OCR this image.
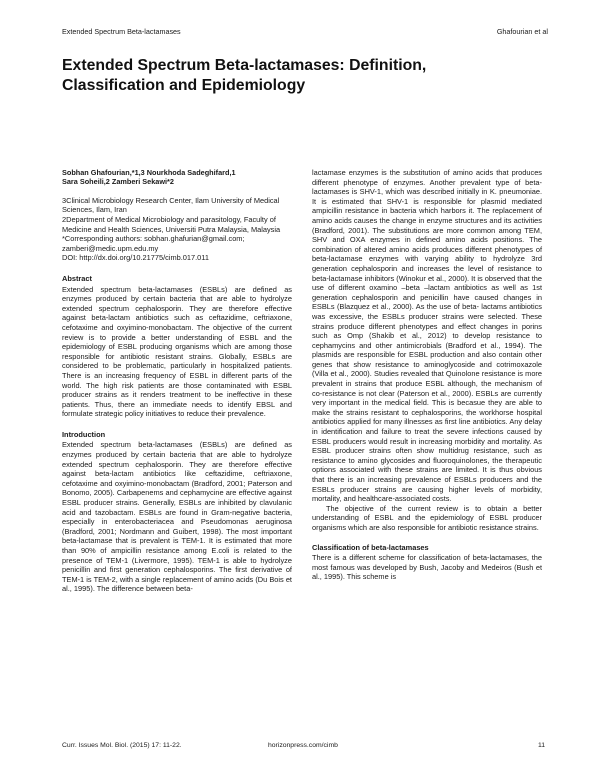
Extended Spectrum Beta-lactamases	Ghafourian et al
Extended Spectrum Beta-lactamases: Definition, Classification and Epidemiology
Sobhan Ghafourian,*1,3 Nourkhoda Sadeghifard,1
Sara Soheili,2 Zamberi Sekawi*2

3Clinical Microbiology Research Center, Ilam University of Medical Sciences, Ilam, Iran

2Department of Medical Microbiology and parasitology, Faculty of Medicine and Health Sciences, Universiti Putra Malaysia, Malaysia

*Corresponding authors: sobhan.ghafurian@gmail.com; zamberi@medic.upm.edu.my

DOI: http://dx.doi.org/10.21775/cimb.017.011

Abstract

Extended spectrum beta-lactamases (ESBLs) are defined as enzymes produced by certain bacteria that are able to hydrolyze extended spectrum cephalosporin. They are therefore effective against beta-lactam antibiotics such as ceftazidime, ceftriaxone, cefotaxime and oxyimino-monobactam. The objective of the current review is to provide a better understanding of ESBL and the epidemiology of ESBL producing organisms which are among those responsible for antibiotic resistant strains. Globally, ESBLs are considered to be problematic, particularly in hospitalized patients. There is an increasing frequency of ESBL in different parts of the world. The high risk patients are those contaminated with ESBL producer strains as it renders treatment to be ineffective in these patients. Thus, there an immediate needs to identify EBSL and formulate strategic policy initiatives to reduce their prevalence.

Introduction

Extended spectrum beta-lactamases (ESBLs) are defined as enzymes produced by certain bacteria that are able to hydrolyze extended spectrum cephalosporin. They are therefore effective against beta-lactam antibiotics like ceftazidime, ceftriaxone, cefotaxime and oxyimino-monobactam (Bradford, 2001; Paterson and Bonomo, 2005). Carbapenems and cephamycine are effective against ESBL producer strains. Generally, ESBLs are inhibited by clavulanic acid and tazobactam. ESBLs are found in Gram-negative bacteria, especially in enterobacteriacea and Pseudomonas aeruginosa (Bradford, 2001; Nordmann and Guibert, 1998). The most important beta-lactamase that is prevalent is TEM-1. It is estimated that more than 90% of ampicillin resistance among E.coli is related to the presence of TEM-1 (Livermore, 1995). TEM-1 is able to hydrolyze penicillin and first generation cephalosporins. The first derivative of TEM-1 is TEM-2, with a single replacement of amino acids (Du Bois et al., 1995). The difference between beta-

lactamase enzymes is the substitution of amino acids that produces different phenotype of enzymes. Another prevalent type of beta- lactamases is SHV-1, which was described initially in K. pneumoniae. It is estimated that SHV-1 is responsible for plasmid mediated ampicillin resistance in bacteria which harbors it. The replacement of amino acids causes the change in enzyme structures and its activities (Bradford, 2001). The substitutions are more common among TEM, SHV and OXA enzymes in defined amino acids positions. The combination of altered amino acids produces different phenotypes of beta-lactamase enzymes with varying ability to hydrolyze 3rd generation cephalosporin and increases the level of resistance to beta-lactamase inhibitors (Winokur et al., 2000). It is observed that the use of different oxamino –beta –lactam antibiotics as well as 1st generation cephalosporin and penicillin have caused changes in ESBLs (Blazquez et al., 2000). As the use of beta- lactams antibiotics was excessive, the ESBLs producer strains were selected. These strains produce different phenotypes and effect changes in porins such as Omp (Shakib et al., 2012) to develop resistance to cephamycins and other antimicrobials (Bradford et al., 1994). The plasmids are responsible for ESBL production and also contain other genes that show resistance to aminoglycoside and cotrimoxazole (Villa et al., 2000). Studies revealed that Quinolone resistance is more prevalent in strains that produce ESBL although, the mechanism of co-resistance is not clear (Paterson et al., 2000). ESBLs are currently very important in the medical field. This is becasue they are able to make the strains resistant to cephalosporins, the workhorse hospital antibiotics applied for many illnesses as first line antibiotics. Any delay in identification and failure to treat the severe infections caused by ESBL producers would result in increasing morbidity and mortality. As ESBL producer strains often show multidrug resistance, such as resistance to amino glycosides and fluoroquinolones, the therapeutic options associated with these strains are limited. It is thus obvious that there is an increasing prevalence of ESBLs producers and the ESBLs producer strains are causing higher levels of morbidity, mortality, and healthcare-associated costs.

The objective of the current review is to obtain a better understanding of ESBL and the epidemiology of ESBL producer organisms which are also responsible for antibiotic resistance strains.

Classification of beta-lactamases

There is a different scheme for classification of beta-lactamases, the most famous was developed by Bush, Jacoby and Medeiros (Bush et al., 1995). This scheme is

Curr. Issues Mol. Biol. (2015) 17: 11-22.	horizonpress.com/cimb	11
